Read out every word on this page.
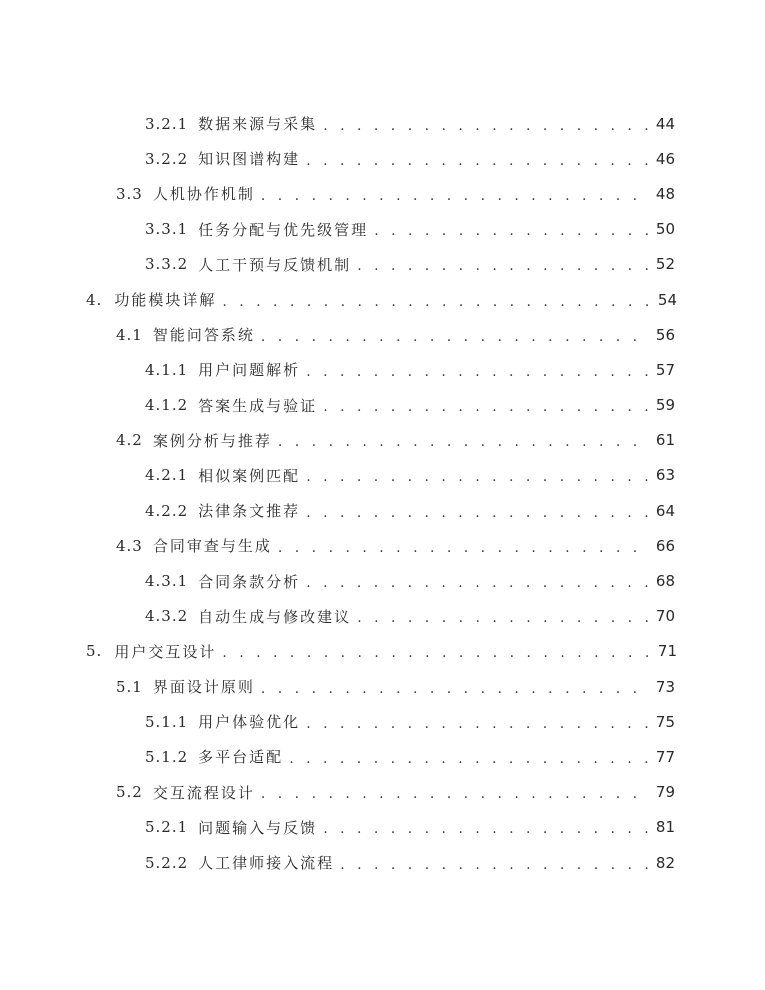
3.2.1 数据来源与采集 . . .	44
3.2.2 知识图谱构建 . . .	46
3.3 人机协作机制 . . .	48
3.3.1 任务分配与优先级管理 . . .	50
3.3.2 人工干预与反馈机制 . . .	52
4. 功能模块详解 . . .	54
4.1 智能问答系统 . . .	56
4.1.1 用户问题解析 . . .	57
4.1.2 答案生成与验证 . . .	59
4.2 案例分析与推荐 . . .	61
4.2.1 相似案例匹配 . . .	63
4.2.2 法律条文推荐 . . .	64
4.3 合同审查与生成 . . .	66
4.3.1 合同条款分析 . . .	68
4.3.2 自动生成与修改建议 . . .	70
5. 用户交互设计 . . .	71
5.1 界面设计原则 . . .	73
5.1.1 用户体验优化 . . .	75
5.1.2 多平台适配 . . .	77
5.2 交互流程设计 . . .	79
5.2.1 问题输入与反馈 . . .	81
5.2.2 人工律师接入流程 . . .	82
